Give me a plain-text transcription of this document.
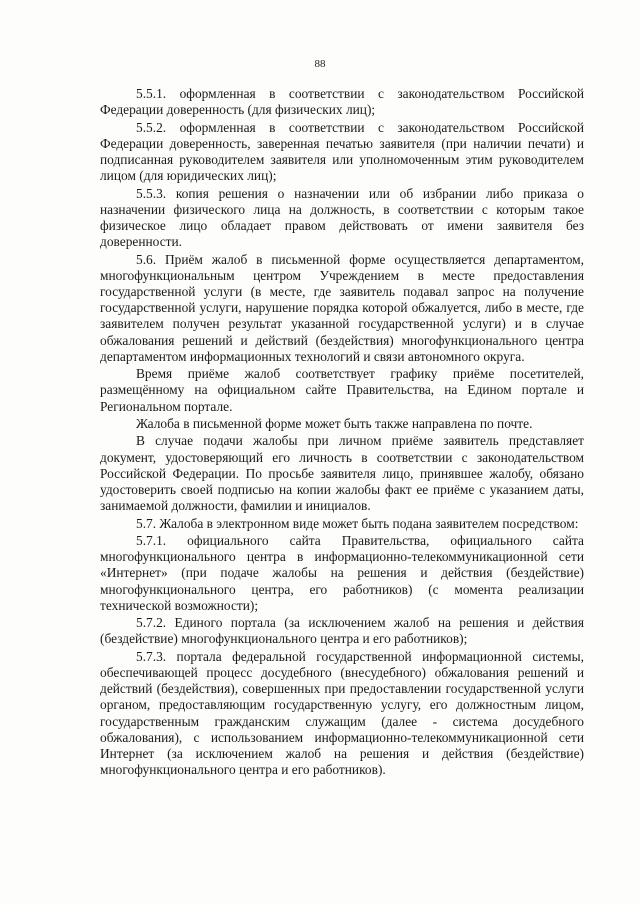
88

5.5.1. оформленная в соответствии с законодательством Российской Федерации доверенность (для физических лиц);

5.5.2. оформленная в соответствии с законодательством Российской Федерации доверенность, заверенная печатью заявителя (при наличии печати) и подписанная руководителем заявителя или уполномоченным этим руководителем лицом (для юридических лиц);

5.5.3. копия решения о назначении или об избрании либо приказа о назначении физического лица на должность, в соответствии с которым такое физическое лицо обладает правом действовать от имени заявителя без доверенности.

5.6. Приём жалоб в письменной форме осуществляется департаментом, многофункциональным центром Учреждением в месте предоставления государственной услуги (в месте, где заявитель подавал запрос на получение государственной услуги, нарушение порядка которой обжалуется, либо в месте, где заявителем получен результат указанной государственной услуги) и в случае обжалования решений и действий (бездействия) многофункционального центра департаментом информационных технологий и связи автономного округа.

Время приёме жалоб соответствует графику приёме посетителей, размещённому на официальном сайте Правительства, на Едином портале и Региональном портале.

Жалоба в письменной форме может быть также направлена по почте.

В случае подачи жалобы при личном приёме заявитель представляет документ, удостоверяющий его личность в соответствии с законодательством Российской Федерации. По просьбе заявителя лицо, принявшее жалобу, обязано удостоверить своей подписью на копии жалобы факт ее приёме с указанием даты, занимаемой должности, фамилии и инициалов.

5.7. Жалоба в электронном виде может быть подана заявителем посредством:

5.7.1. официального сайта Правительства, официального сайта многофункционального центра в информационно-телекоммуникационной сети «Интернет» (при подаче жалобы на решения и действия (бездействие) многофункционального центра, его работников) (с момента реализации технической возможности);

5.7.2. Единого портала (за исключением жалоб на решения и действия (бездействие) многофункционального центра и его работников);

5.7.3. портала федеральной государственной информационной системы, обеспечивающей процесс досудебного (внесудебного) обжалования решений и действий (бездействия), совершенных при предоставлении государственной услуги органом, предоставляющим государственную услугу, его должностным лицом, государственным гражданским служащим (далее - система досудебного обжалования), с использованием информационно-телекоммуникационной сети Интернет (за исключением жалоб на решения и действия (бездействие) многофункционального центра и его работников).
